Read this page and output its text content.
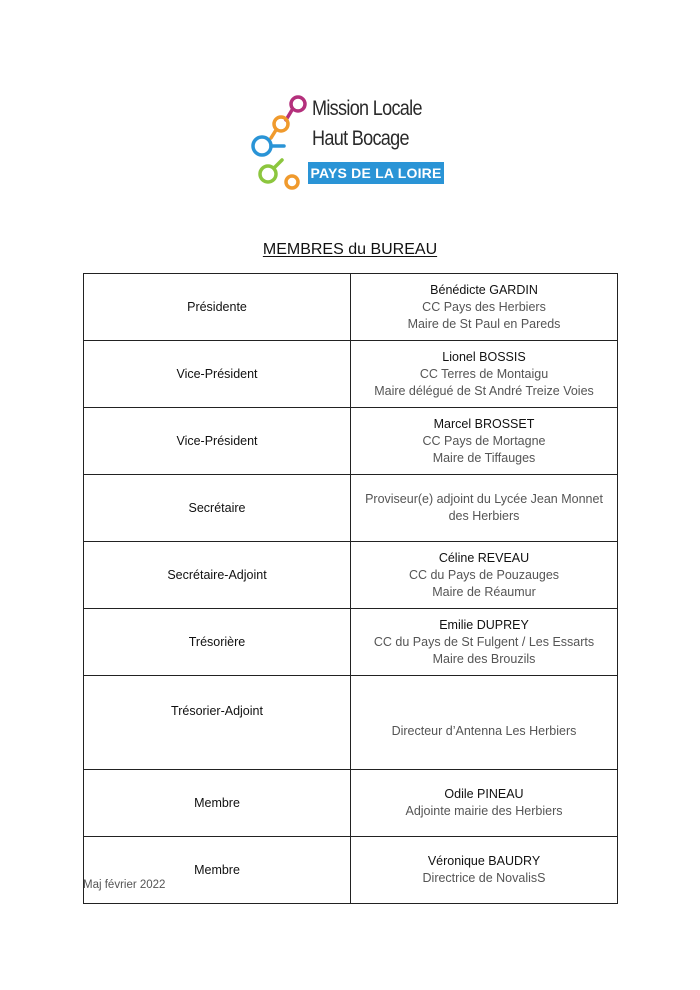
Mission Locale
Haut Bocage
PAYS DE LA LOIRE
MEMBRES du BUREAU
Présidente	Bénédicte GARDIN
CC Pays des Herbiers
Maire de St Paul en Pareds

Vice-Président	Lionel BOSSIS
CC Terres de Montaigu
Maire délégué de St André Treize Voies

Vice-Président	Marcel BROSSET
CC Pays de Mortagne
Maire de Tiffauges

Secrétaire	Proviseur(e) adjoint du Lycée Jean Monnet
des Herbiers

Secrétaire-Adjoint	Céline REVEAU
CC du Pays de Pouzauges
Maire de Réaumur

Trésorière	Emilie DUPREY
CC du Pays de St Fulgent / Les Essarts
Maire des Brouzils

Trésorier-Adjoint	Directeur d’Antenna Les Herbiers

Membre	Odile PINEAU
Adjointe mairie des Herbiers

Membre	Véronique BAUDRY
Directrice de NovalisS
Maj février 2022
